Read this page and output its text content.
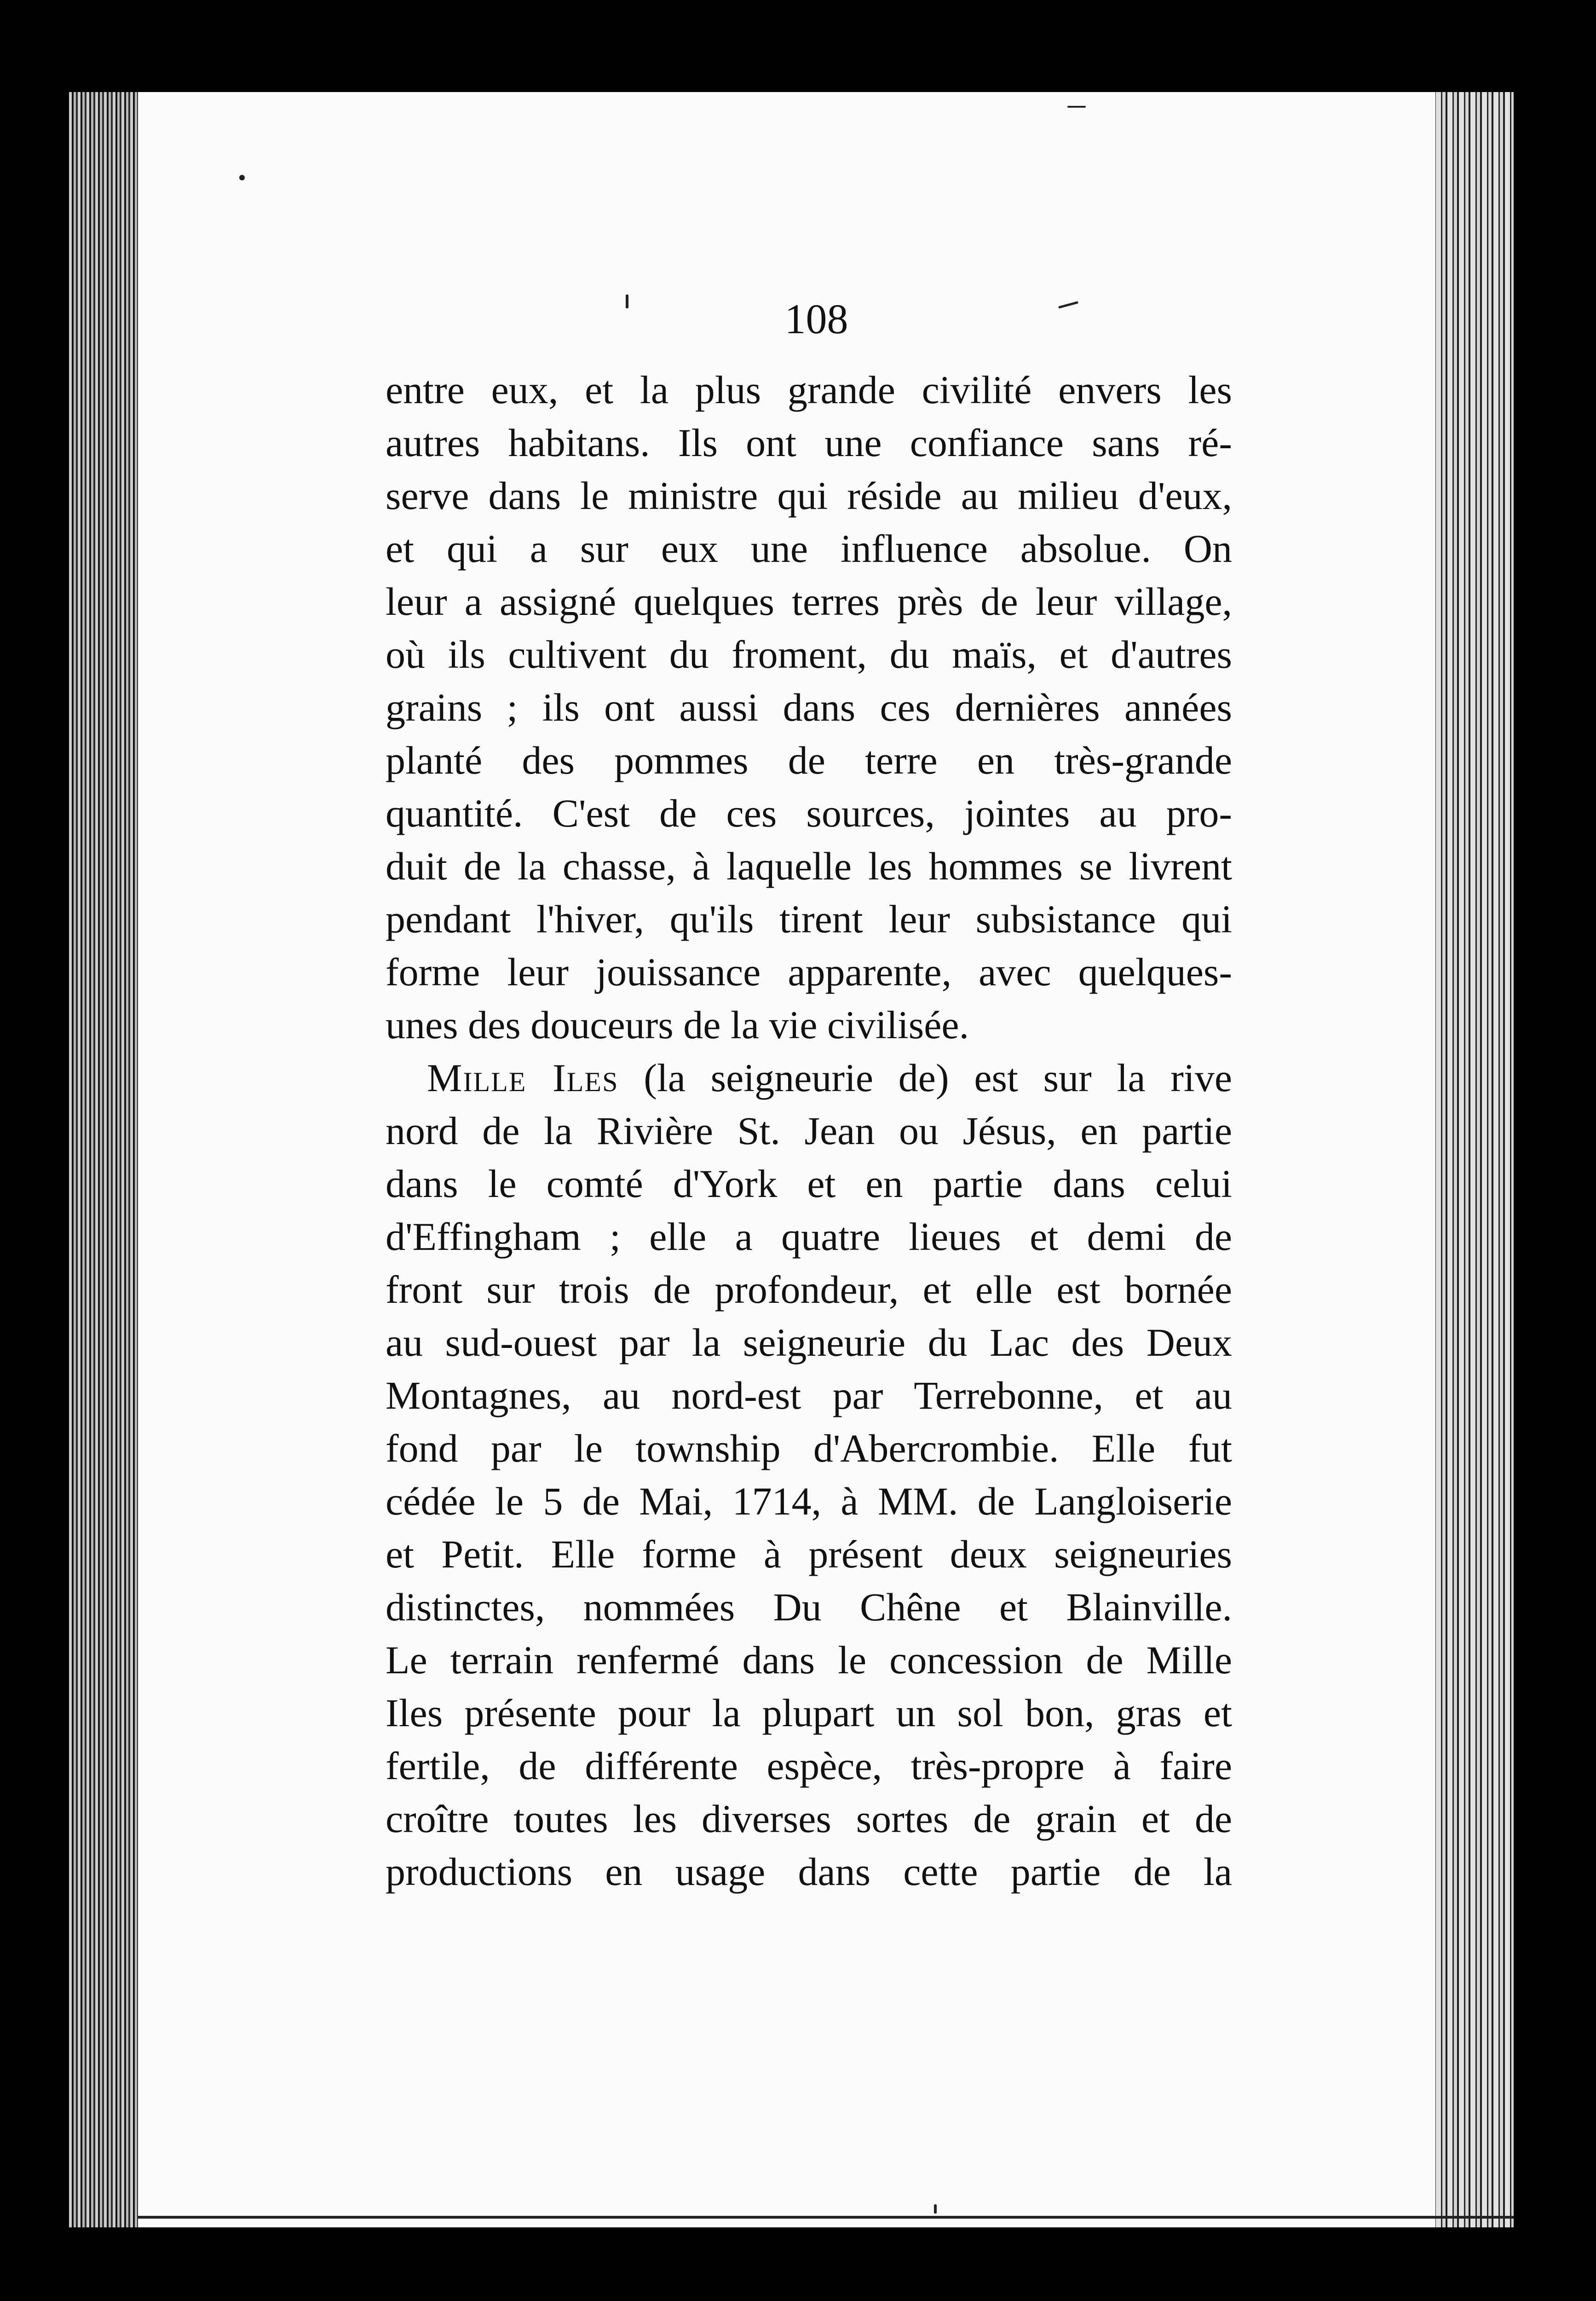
108
entre eux, et la plus grande civilité envers les
autres habitans. Ils ont une confiance sans ré-
serve dans le ministre qui réside au milieu d'eux,
et qui a sur eux une influence absolue. On
leur a assigné quelques terres près de leur village,
où ils cultivent du froment, du maïs, et d'autres
grains ; ils ont aussi dans ces dernières années
planté des pommes de terre en très-grande
quantité. C'est de ces sources, jointes au pro-
duit de la chasse, à laquelle les hommes se livrent
pendant l'hiver, qu'ils tirent leur subsistance qui
forme leur jouissance apparente, avec quelques-
unes des douceurs de la vie civilisée.
Mille Iles (la seigneurie de) est sur la rive
nord de la Rivière St. Jean ou Jésus, en partie
dans le comté d'York et en partie dans celui
d'Effingham ; elle a quatre lieues et demi de
front sur trois de profondeur, et elle est bornée
au sud-ouest par la seigneurie du Lac des Deux
Montagnes, au nord-est par Terrebonne, et au
fond par le township d'Abercrombie. Elle fut
cédée le 5 de Mai, 1714, à MM. de Langloiserie
et Petit. Elle forme à présent deux seigneuries
distinctes, nommées Du Chêne et Blainville.
Le terrain renfermé dans le concession de Mille
Iles présente pour la plupart un sol bon, gras et
fertile, de différente espèce, très-propre à faire
croître toutes les diverses sortes de grain et de
productions en usage dans cette partie de la
